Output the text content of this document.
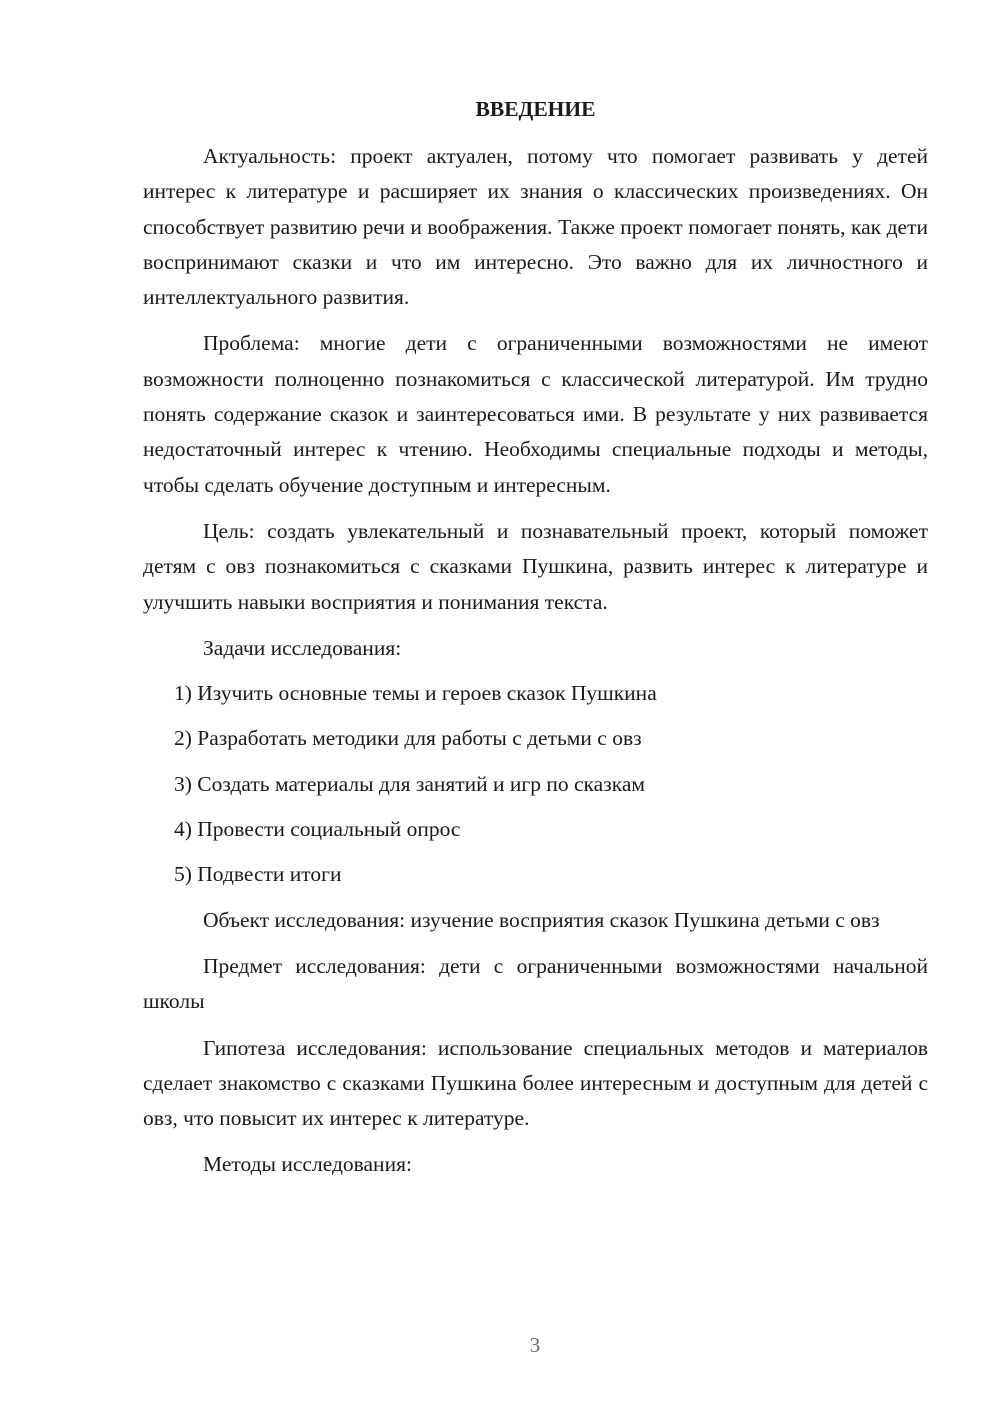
ВВЕДЕНИЕ

Актуальность: проект актуален, потому что помогает развивать у детей интерес к литературе и расширяет их знания о классических произведениях. Он способствует развитию речи и воображения. Также проект помогает понять, как дети воспринимают сказки и что им интересно. Это важно для их личностного и интеллектуального развития.

Проблема: многие дети с ограниченными возможностями не имеют возможности полноценно познакомиться с классической литературой. Им трудно понять содержание сказок и заинтересоваться ими. В результате у них развивается недостаточный интерес к чтению. Необходимы специальные подходы и методы, чтобы сделать обучение доступным и интересным.

Цель: создать увлекательный и познавательный проект, который поможет детям с овз познакомиться с сказками Пушкина, развить интерес к литературе и улучшить навыки восприятия и понимания текста.

Задачи исследования:

1) Изучить основные темы и героев сказок Пушкина
2) Разработать методики для работы с детьми с овз
3) Создать материалы для занятий и игр по сказкам
4) Провести социальный опрос
5) Подвести итоги

Объект исследования: изучение восприятия сказок Пушкина детьми с овз

Предмет исследования: дети с ограниченными возможностями начальной школы

Гипотеза исследования: использование специальных методов и материалов сделает знакомство с сказками Пушкина более интересным и доступным для детей с овз, что повысит их интерес к литературе.

Методы исследования:

3
